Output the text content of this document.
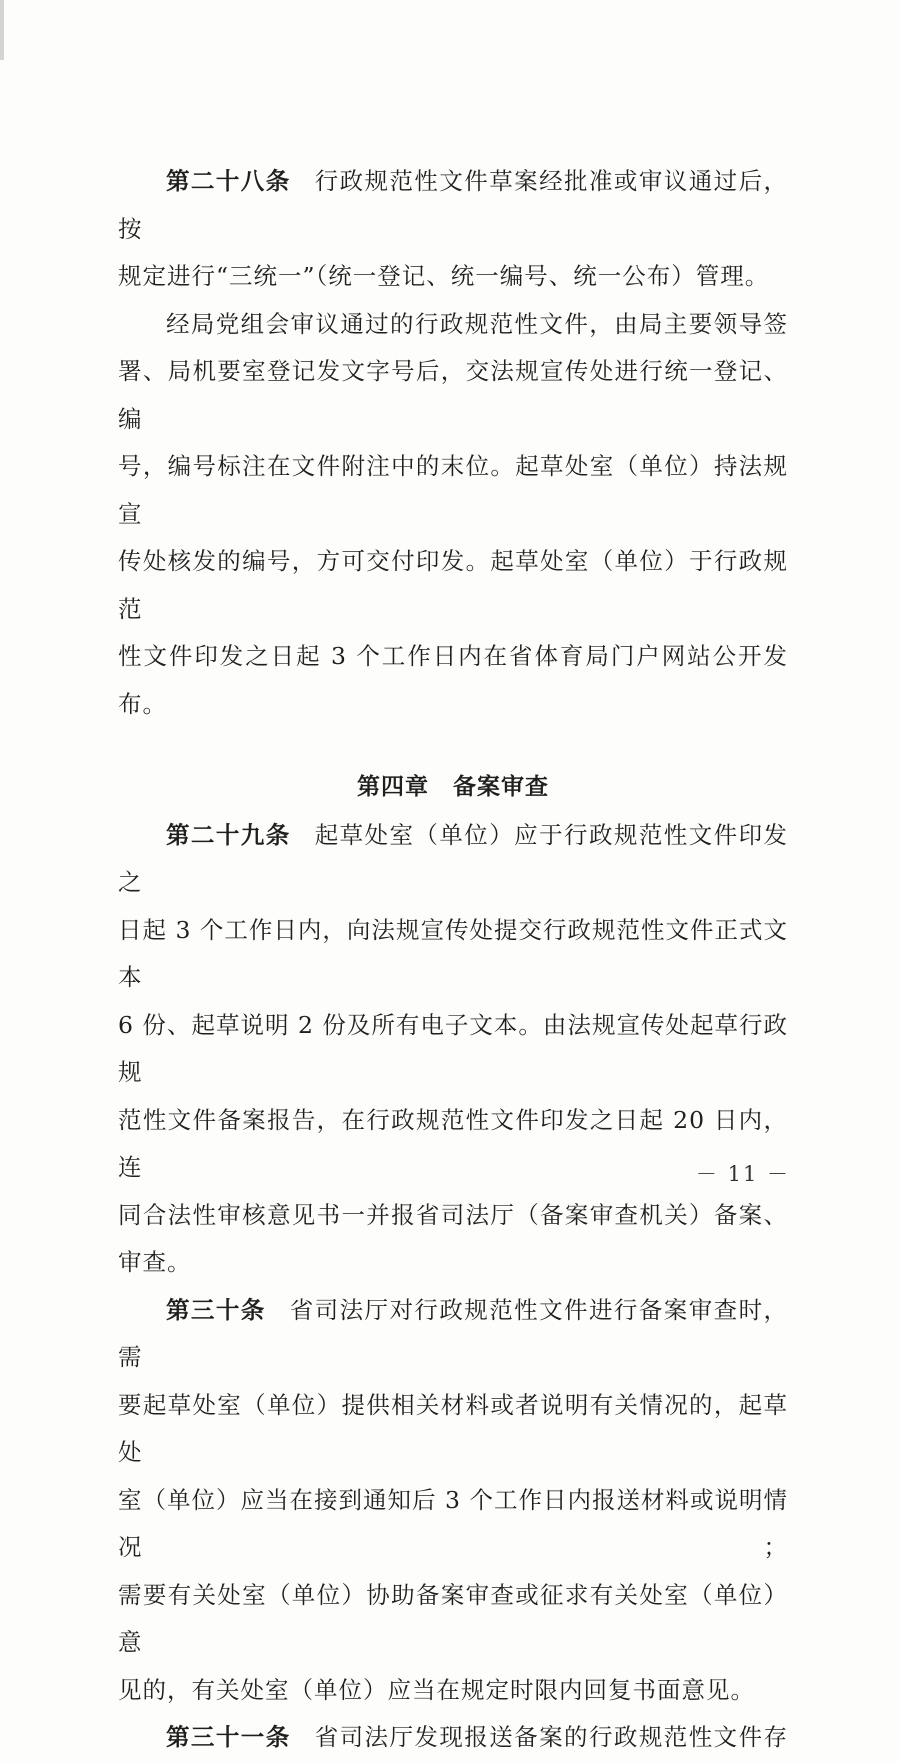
第二十八条 行政规范性文件草案经批准或审议通过后，按

规定进行“三统一”（统一登记、统一编号、统一公布）管理。

经局党组会审议通过的行政规范性文件，由局主要领导签

署、局机要室登记发文字号后，交法规宣传处进行统一登记、编

号，编号标注在文件附注中的末位。起草处室（单位）持法规宣

传处核发的编号，方可交付印发。起草处室（单位）于行政规范

性文件印发之日起 3 个工作日内在省体育局门户网站公开发布。

第四章　备案审查

第二十九条 起草处室（单位）应于行政规范性文件印发之

日起 3 个工作日内，向法规宣传处提交行政规范性文件正式文本

6 份、起草说明 2 份及所有电子文本。由法规宣传处起草行政规

范性文件备案报告，在行政规范性文件印发之日起 20 日内，连

同合法性审核意见书一并报省司法厅（备案审查机关）备案、

审查。

第三十条 省司法厅对行政规范性文件进行备案审查时，需

要起草处室（单位）提供相关材料或者说明有关情况的，起草处

室（单位）应当在接到通知后 3 个工作日内报送材料或说明情况；

需要有关处室（单位）协助备案审查或征求有关处室（单位）意

见的，有关处室（单位）应当在规定时限内回复书面意见。

第三十一条 省司法厅发现报送备案的行政规范性文件存

－ 11 －
